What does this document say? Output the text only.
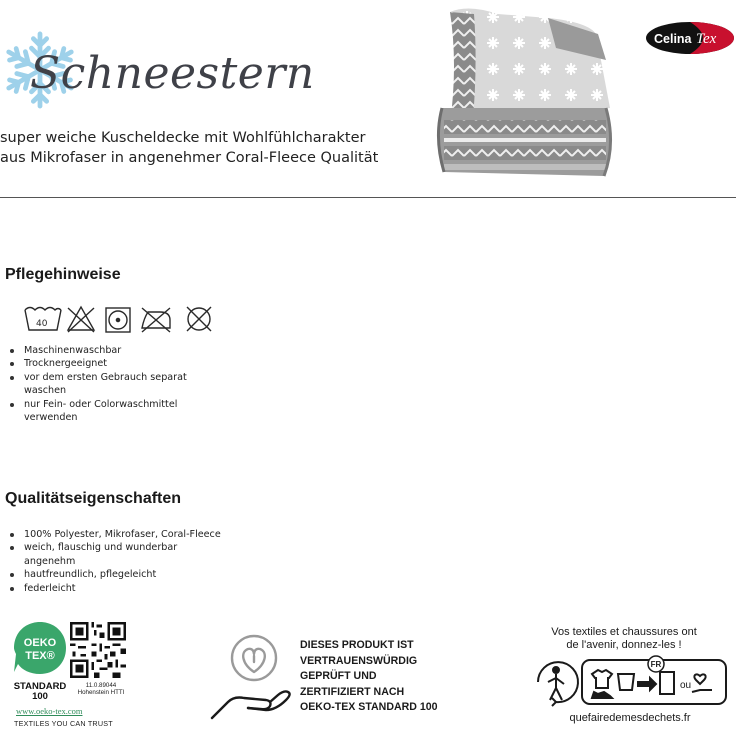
Schneestern
super weiche Kuscheldecke mit Wohlfühlcharakter
aus Mikrofaser in angenehmer Coral-Fleece Qualität
Celina Tex
Pflegehinweise
40
Maschinenwaschbar
Trocknergeeignet
vor dem ersten Gebrauch separat waschen
nur Fein- oder Colorwaschmittel verwenden
Qualitätseigenschaften
100% Polyester, Mikrofaser, Coral-Fleece
weich, flauschig und wunderbar angenehm
hautfreundlich, pflegeleicht
federleicht
OEKO
TEX®
STANDARD
100
11.0.89044
Hohenstein HTTI
www.oeko-tex.com
TEXTILES YOU CAN TRUST
DIESES PRODUKT IST
VERTRAUENSWÜRDIG
GEPRÜFT UND
ZERTIFIZIERT NACH
OEKO-TEX STANDARD 100
Vos textiles et chaussures ont
de l'avenir, donnez-les !
FR
ou
quefairedemesdechets.fr
